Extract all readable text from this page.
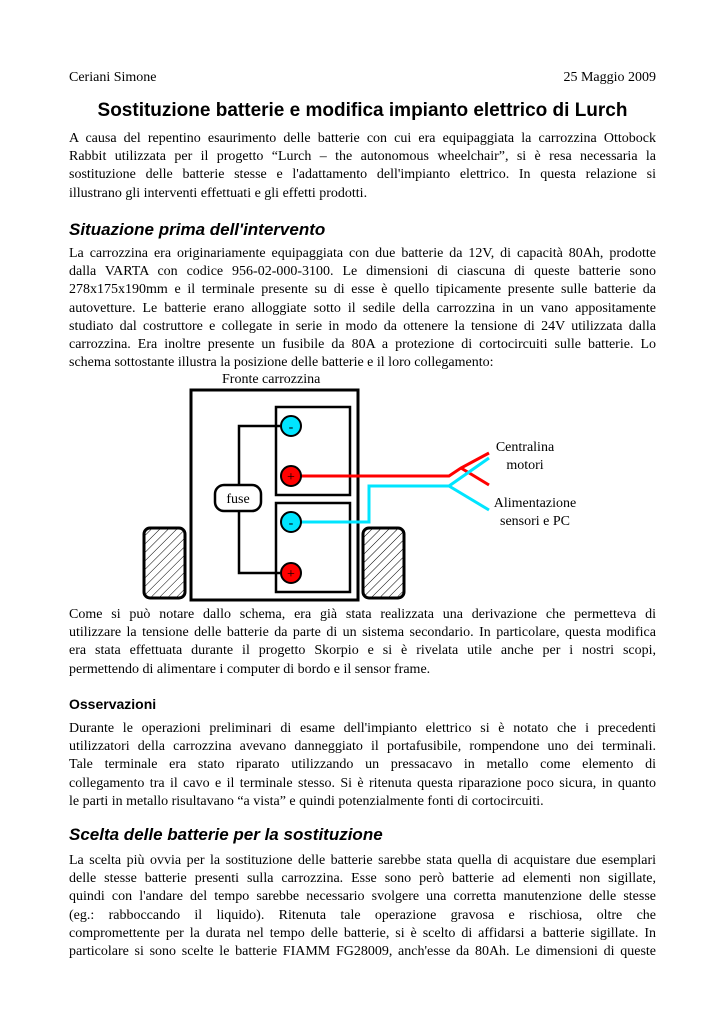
Ceriani Simone	25 Maggio 2009
Sostituzione batterie e modifica impianto elettrico di Lurch

A causa del repentino esaurimento delle batterie con cui era equipaggiata la carrozzina Ottobock
Rabbit utilizzata per il progetto “Lurch – the autonomous wheelchair”, si è resa necessaria la
sostituzione delle batterie stesse e l'adattamento dell'impianto elettrico. In questa relazione si
illustrano gli interventi effettuati e gli effetti prodotti.

Situazione prima dell'intervento

La carrozzina era originariamente equipaggiata con due batterie da 12V, di capacità 80Ah, prodotte
dalla VARTA con codice 956-02-000-3100. Le dimensioni di ciascuna di queste batterie sono
278x175x190mm e il terminale presente su di esse è quello tipicamente presente sulle batterie da
autovetture. Le batterie erano alloggiate sotto il sedile della carrozzina in un vano appositamente
studiato dal costruttore e collegate in serie in modo da ottenere la tensione di 24V utilizzata dalla
carrozzina. Era inoltre presente un fusibile da 80A a protezione di cortocircuiti sulle batterie. Lo
schema sottostante illustra la posizione delle batterie e il loro collegamento:

Fronte carrozzina
fuse
-
+
-
+
Centralina
motori
Alimentazione
sensori e PC

Come si può notare dallo schema, era già stata realizzata una derivazione che permetteva di
utilizzare la tensione delle batterie da parte di un sistema secondario. In particolare, questa modifica
era stata effettuata durante il progetto Skorpio e si è rivelata utile anche per i nostri scopi,
permettendo di alimentare i computer di bordo e il sensor frame.

Osservazioni

Durante le operazioni preliminari di esame dell'impianto elettrico si è notato che i precedenti
utilizzatori della carrozzina avevano danneggiato il portafusibile, rompendone uno dei terminali.
Tale terminale era stato riparato utilizzando un pressacavo in metallo come elemento di
collegamento tra il cavo e il terminale stesso. Si è ritenuta questa riparazione poco sicura, in quanto
le parti in metallo risultavano “a vista” e quindi potenzialmente fonti di cortocircuiti.

Scelta delle batterie per la sostituzione

La scelta più ovvia per la sostituzione delle batterie sarebbe stata quella di acquistare due esemplari
delle stesse batterie presenti sulla carrozzina. Esse sono però batterie ad elementi non sigillate,
quindi con l'andare del tempo sarebbe necessario svolgere una corretta manutenzione delle stesse
(eg.: rabboccando il liquido). Ritenuta tale operazione gravosa e rischiosa, oltre che
compromettente per la durata nel tempo delle batterie, si è scelto di affidarsi a batterie sigillate. In
particolare si sono scelte le batterie FIAMM FG28009, anch'esse da 80Ah. Le dimensioni di queste
